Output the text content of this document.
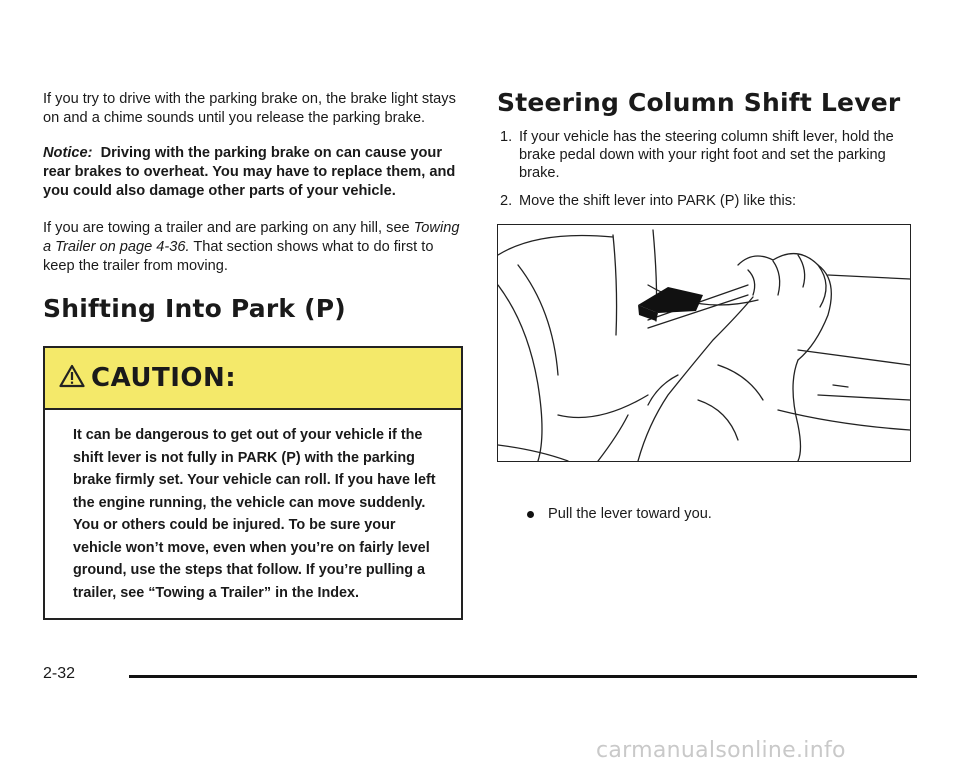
If you try to drive with the parking brake on, the brake light stays on and a chime sounds until you release the parking brake.

Notice: Driving with the parking brake on can cause your rear brakes to overheat. You may have to replace them, and you could also damage other parts of your vehicle.

If you are towing a trailer and are parking on any hill, see Towing a Trailer on page 4-36. That section shows what to do first to keep the trailer from moving.

Shifting Into Park (P)
CAUTION:

It can be dangerous to get out of your vehicle if the shift lever is not fully in PARK (P) with the parking brake firmly set. Your vehicle can roll. If you have left the engine running, the vehicle can move suddenly. You or others could be injured. To be sure your vehicle won’t move, even when you’re on fairly level ground, use the steps that follow. If you’re pulling a trailer, see “Towing a Trailer” in the Index.

Steering Column Shift Lever
1. If your vehicle has the steering column shift lever, hold the brake pedal down with your right foot and set the parking brake.
2. Move the shift lever into PARK (P) like this:
Pull the lever toward you.
2-32
carmanualsonline.info
